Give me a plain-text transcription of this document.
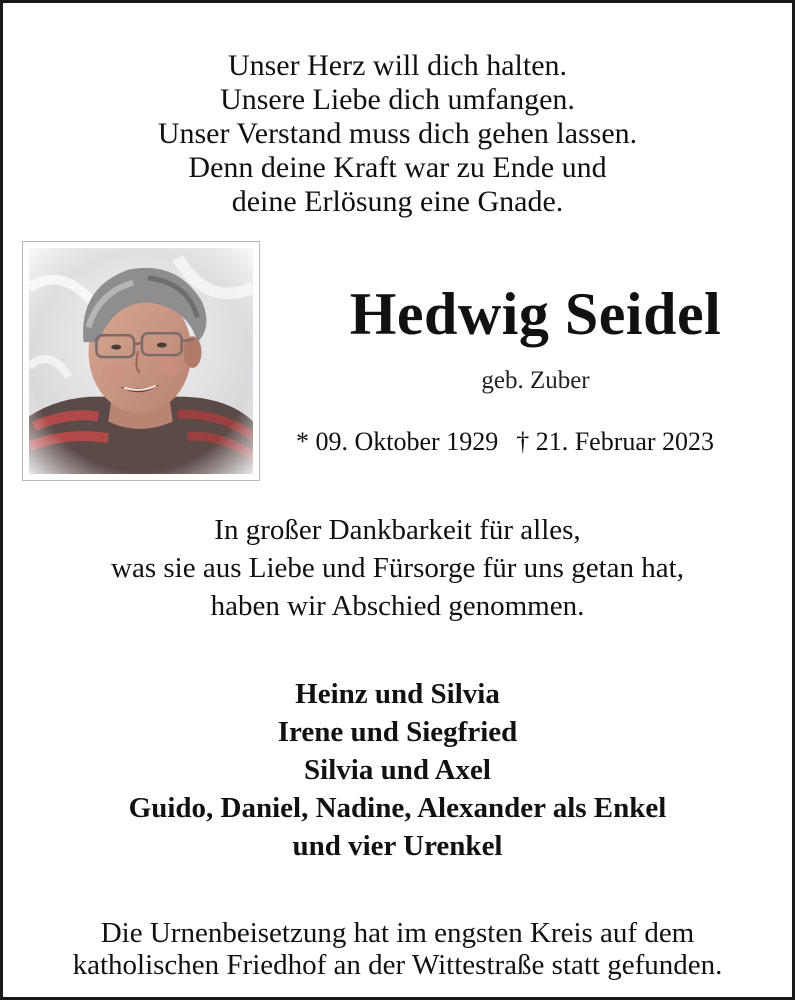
Unser Herz will dich halten.
Unsere Liebe dich umfangen.
Unser Verstand muss dich gehen lassen.
Denn deine Kraft war zu Ende und
deine Erlösung eine Gnade.
Hedwig Seidel
geb. Zuber
* 09. Oktober 1929 † 21. Februar 2023
In großer Dankbarkeit für alles,
was sie aus Liebe und Fürsorge für uns getan hat,
haben wir Abschied genommen.
Heinz und Silvia
Irene und Siegfried
Silvia und Axel
Guido, Daniel, Nadine, Alexander als Enkel
und vier Urenkel
Die Urnenbeisetzung hat im engsten Kreis auf dem
katholischen Friedhof an der Wittestraße statt gefunden.
